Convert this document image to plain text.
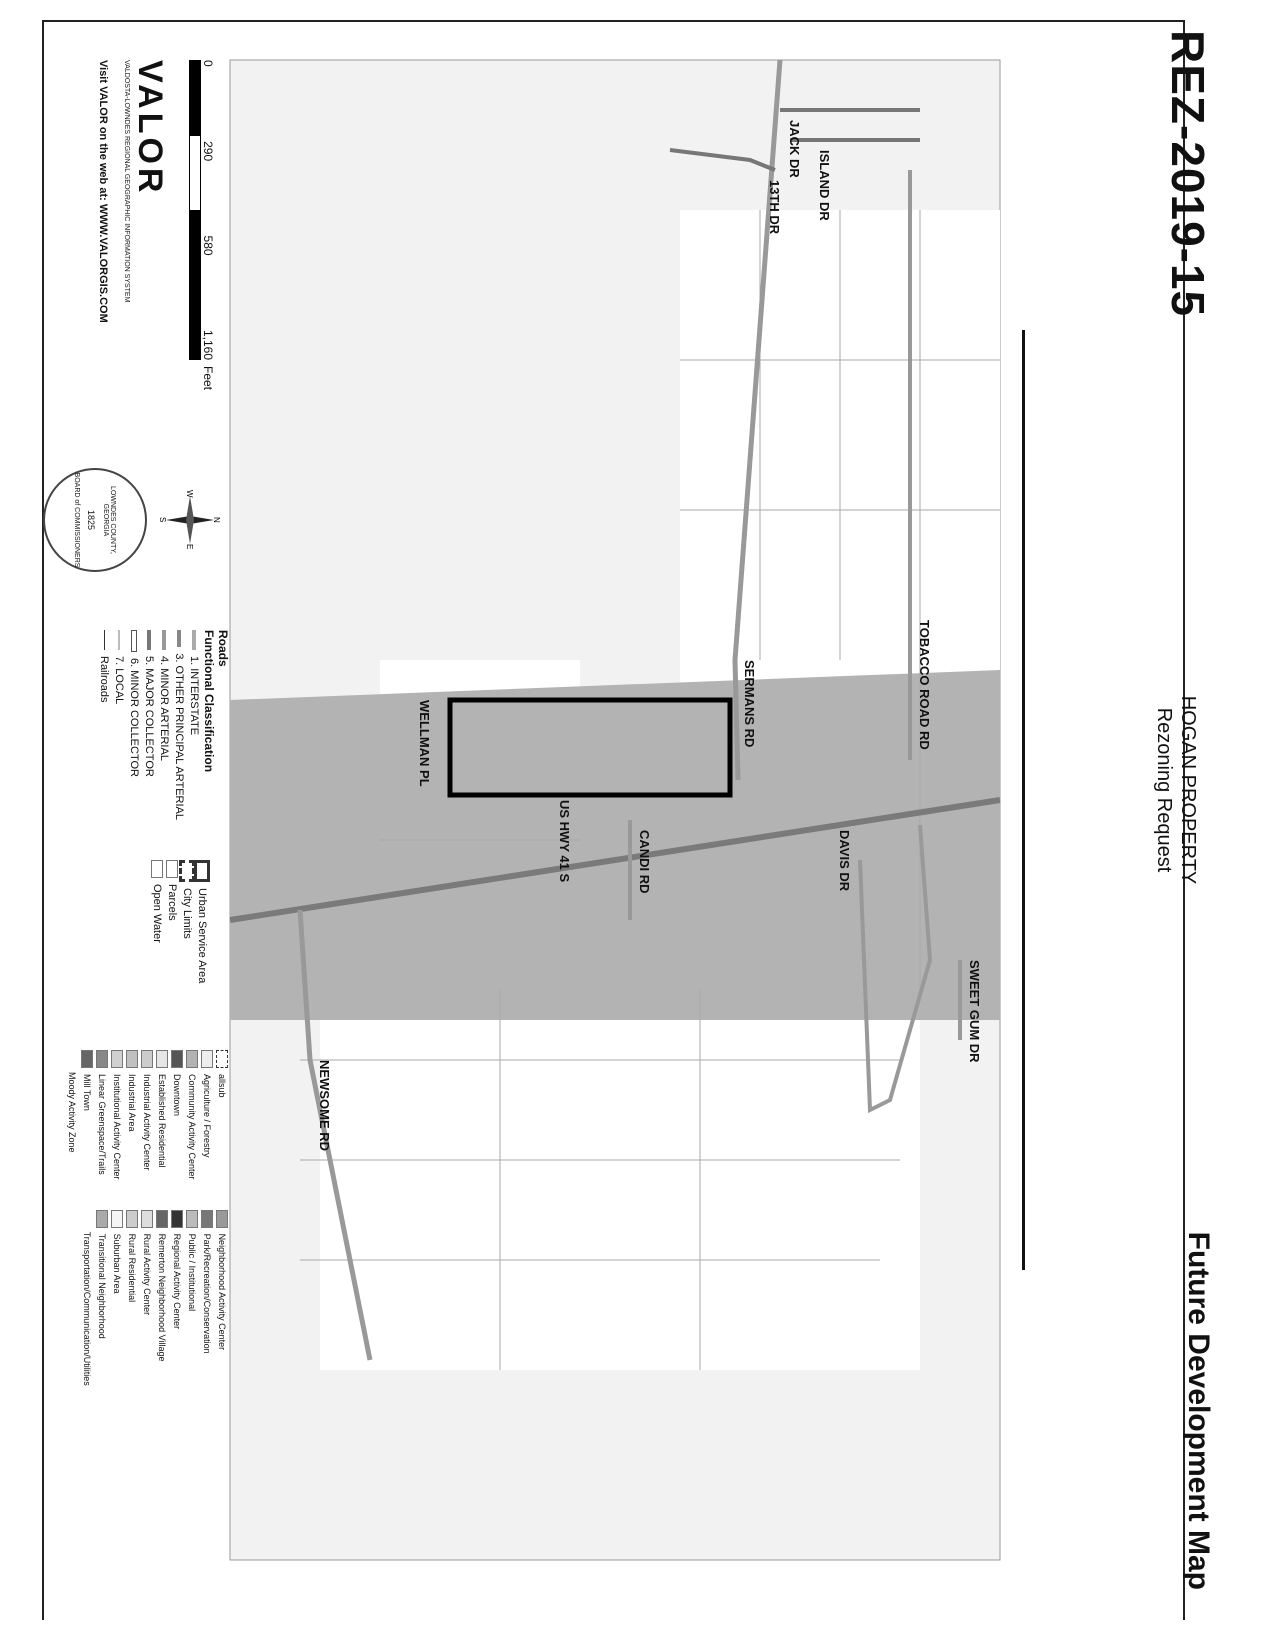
REZ-2019-15
HOGAN PROPERTY
Rezoning Request
Future Development Map
JACK DR
ISLAND DR
13TH DR
TOBACCO ROAD RD
SERMANS RD
DAVIS DR
SWEET GUM DR
US HWY 41 S	CANDI RD
WELLMAN PL
NEWSOME RD
0
290
580
1,160
Feet
VALOR
VALDOSTA-LOWNDES REGIONAL GEOGRAPHIC INFORMATION SYSTEM
Visit VALOR on the web at: WWW.VALORGIS.COM
N
S
E
W
LOWNDES COUNTY, GEORGIA
1825
BOARD of COMMISSIONERS
Roads
Functional Classification
1. INTERSTATE
3. OTHER PRINCIPAL ARTERIAL
4. MINOR ARTERIAL
5. MAJOR COLLECTOR
6. MINOR COLLECTOR
7. LOCAL
Railroads
Urban Service Area
City Limits
Parcels
Open Water
allsub
Agriculture / Forestry
Community Activity Center
Downtown
Established Residential
Industrial Activity Center
Industrial Area
Institutional Activity Center
Linear Greenspace/Trails
Mill Town
Moody Activity Zone
Neighborhood Activity Center
Park/Recreation/Conservation
Public / Institutional
Regional Activity Center
Remerton Neighborhood Village
Rural Activity Center
Rural Residential
Suburban Area
Transitional Neighborhood
Transportation/Communication/Utilities
